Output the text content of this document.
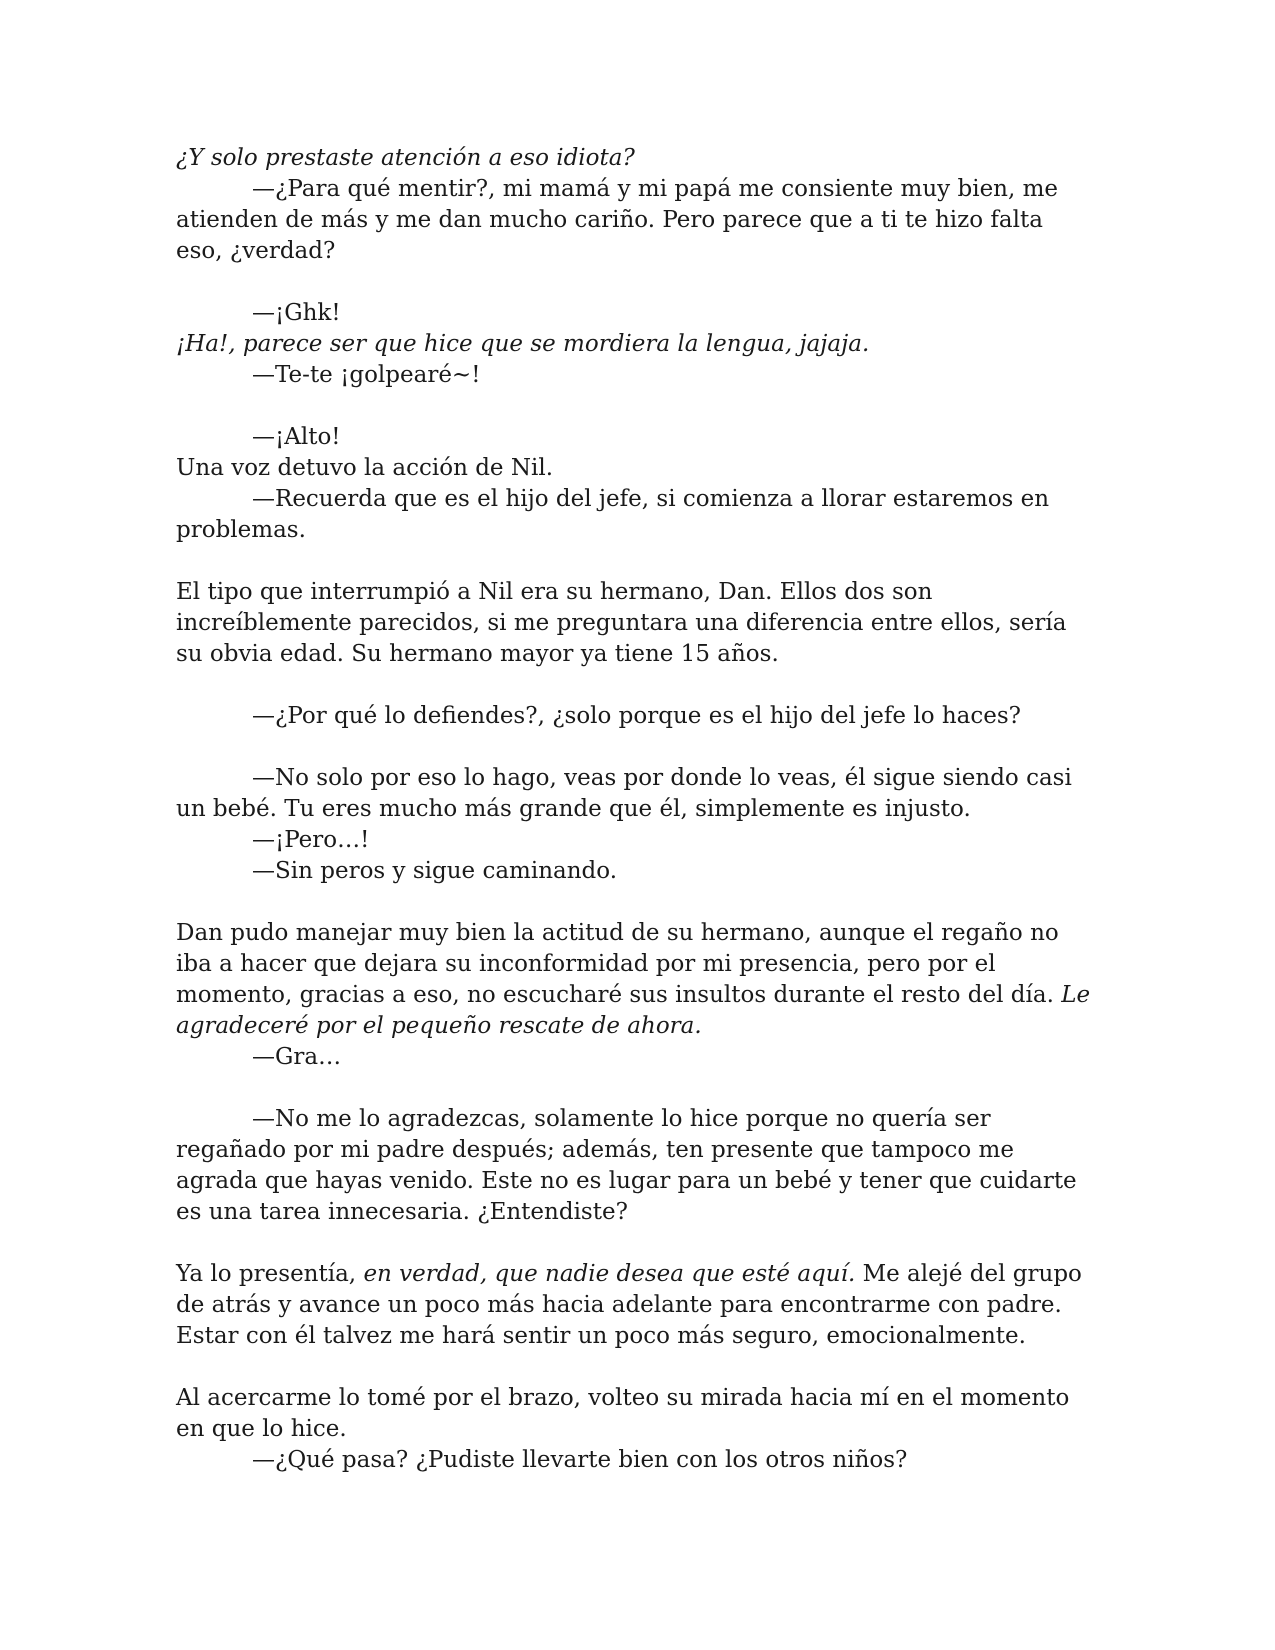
¿Y solo prestaste atención a eso idiota?
—¿Para qué mentir?, mi mamá y mi papá me consiente muy bien, me atienden de más y me dan mucho cariño. Pero parece que a ti te hizo falta eso, ¿verdad?
—¡Ghk!
¡Ha!, parece ser que hice que se mordiera la lengua, jajaja.
—Te-te ¡golpearé~!
—¡Alto!
Una voz detuvo la acción de Nil.
—Recuerda que es el hijo del jefe, si comienza a llorar estaremos en problemas.
El tipo que interrumpió a Nil era su hermano, Dan. Ellos dos son increíblemente parecidos, si me preguntara una diferencia entre ellos, sería su obvia edad. Su hermano mayor ya tiene 15 años.
—¿Por qué lo defiendes?, ¿solo porque es el hijo del jefe lo haces?
—No solo por eso lo hago, veas por donde lo veas, él sigue siendo casi un bebé. Tu eres mucho más grande que él, simplemente es injusto.
—¡Pero…!
—Sin peros y sigue caminando.
Dan pudo manejar muy bien la actitud de su hermano, aunque el regaño no iba a hacer que dejara su inconformidad por mi presencia, pero por el momento, gracias a eso, no escucharé sus insultos durante el resto del día. Le agradeceré por el pequeño rescate de ahora.
—Gra…
—No me lo agradezcas, solamente lo hice porque no quería ser regañado por mi padre después; además, ten presente que tampoco me agrada que hayas venido. Este no es lugar para un bebé y tener que cuidarte es una tarea innecesaria. ¿Entendiste?
Ya lo presentía, en verdad, que nadie desea que esté aquí. Me alejé del grupo de atrás y avance un poco más hacia adelante para encontrarme con padre. Estar con él talvez me hará sentir un poco más seguro, emocionalmente.
Al acercarme lo tomé por el brazo, volteo su mirada hacia mí en el momento en que lo hice.
—¿Qué pasa? ¿Pudiste llevarte bien con los otros niños?
